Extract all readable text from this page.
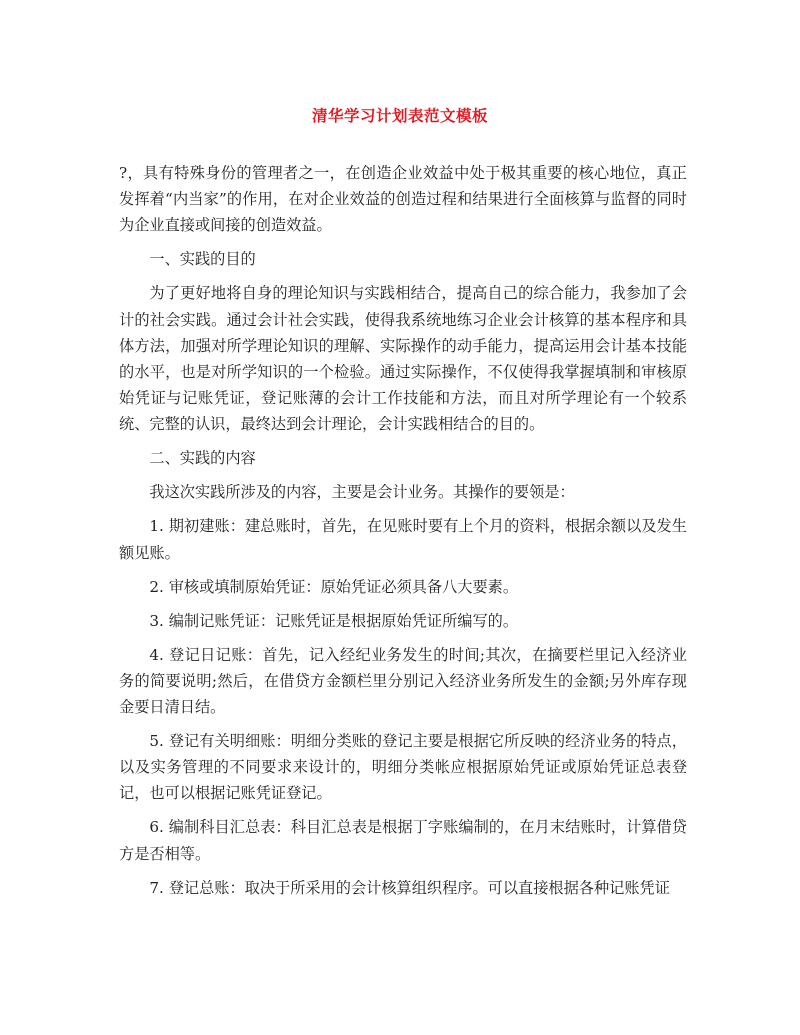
清华学习计划表范文模板

?，具有特殊身份的管理者之一，在创造企业效益中处于极其重要的核心地位，真正发挥着“内当家”的作用，在对企业效益的创造过程和结果进行全面核算与监督的同时为企业直接或间接的创造效益。

一、实践的目的

为了更好地将自身的理论知识与实践相结合，提高自己的综合能力，我参加了会计的社会实践。通过会计社会实践，使得我系统地练习企业会计核算的基本程序和具体方法，加强对所学理论知识的理解、实际操作的动手能力，提高运用会计基本技能的水平，也是对所学知识的一个检验。通过实际操作，不仅使得我掌握填制和审核原始凭证与记账凭证，登记账薄的会计工作技能和方法，而且对所学理论有一个较系统、完整的认识，最终达到会计理论，会计实践相结合的目的。

二、实践的内容

我这次实践所涉及的内容，主要是会计业务。其操作的要领是：

1. 期初建账：建总账时，首先，在见账时要有上个月的资料，根据余额以及发生额见账。

2. 审核或填制原始凭证：原始凭证必须具备八大要素。

3. 编制记账凭证：记账凭证是根据原始凭证所编写的。

4. 登记日记账：首先，记入经纪业务发生的时间;其次，在摘要栏里记入经济业务的简要说明;然后，在借贷方金额栏里分别记入经济业务所发生的金额;另外库存现金要日清日结。

5. 登记有关明细账：明细分类账的登记主要是根据它所反映的经济业务的特点，以及实务管理的不同要求来设计的，明细分类帐应根据原始凭证或原始凭证总表登记，也可以根据记账凭证登记。

6. 编制科目汇总表：科目汇总表是根据丁字账编制的，在月末结账时，计算借贷方是否相等。

7. 登记总账：取决于所采用的会计核算组织程序。可以直接根据各种记账凭证
